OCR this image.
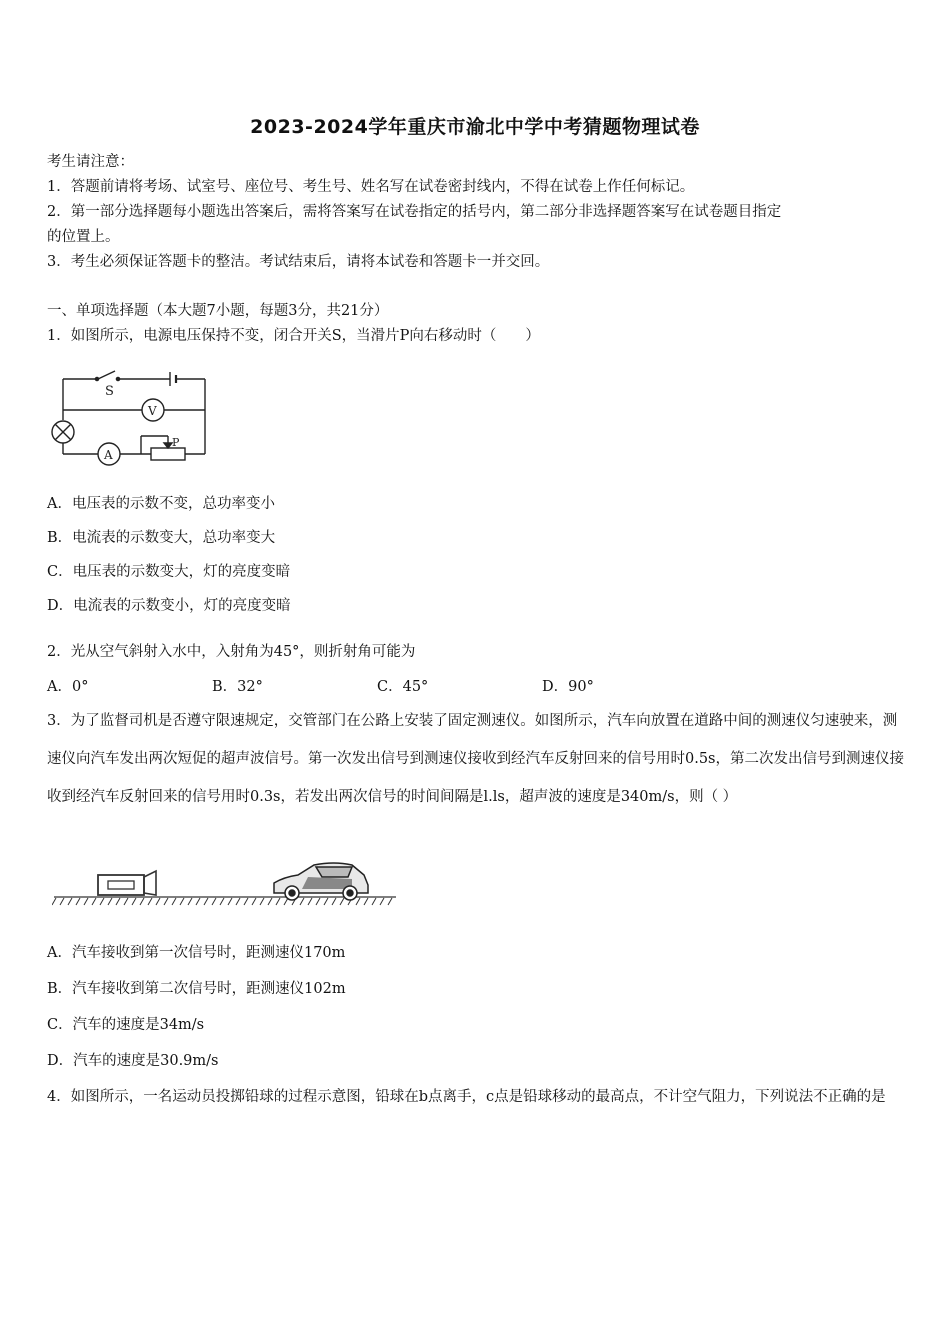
2023-2024学年重庆市渝北中学中考猜题物理试卷
考生请注意：
1．答题前请将考场、试室号、座位号、考生号、姓名写在试卷密封线内，不得在试卷上作任何标记。
2．第一部分选择题每小题选出答案后，需将答案写在试卷指定的括号内，第二部分非选择题答案写在试卷题目指定
的位置上。
3．考生必须保证答题卡的整洁。考试结束后，请将本试卷和答题卡一并交回。
一、单项选择题（本大题7小题，每题3分，共21分）
1．如图所示，电源电压保持不变，闭合开关S，当滑片P向右移动时（　　）
S
V
A
P
A．电压表的示数不变，总功率变小
B．电流表的示数变大，总功率变大
C．电压表的示数变大，灯的亮度变暗
D．电流表的示数变小，灯的亮度变暗
2．光从空气斜射入水中，入射角为45°，则折射角可能为
A．0°	B．32°	C．45°	D．90°
3．为了监督司机是否遵守限速规定，交管部门在公路上安装了固定测速仪。如图所示，汽车向放置在道路中间的测速仪匀速驶来，测速仪向汽车发出两次短促的超声波信号。第一次发出信号到测速仪接收到经汽车反射回来的信号用时0.5s，第二次发出信号到测速仪接收到经汽车反射回来的信号用时0.3s，若发出两次信号的时间间隔是l.ls，超声波的速度是340m/s，则（ ）
A．汽车接收到第一次信号时，距测速仪170m
B．汽车接收到第二次信号时，距测速仪102m
C．汽车的速度是34m/s
D．汽车的速度是30.9m/s
4．如图所示，一名运动员投掷铅球的过程示意图，铅球在b点离手，c点是铅球移动的最高点，不计空气阻力，下列说法不正确的是
